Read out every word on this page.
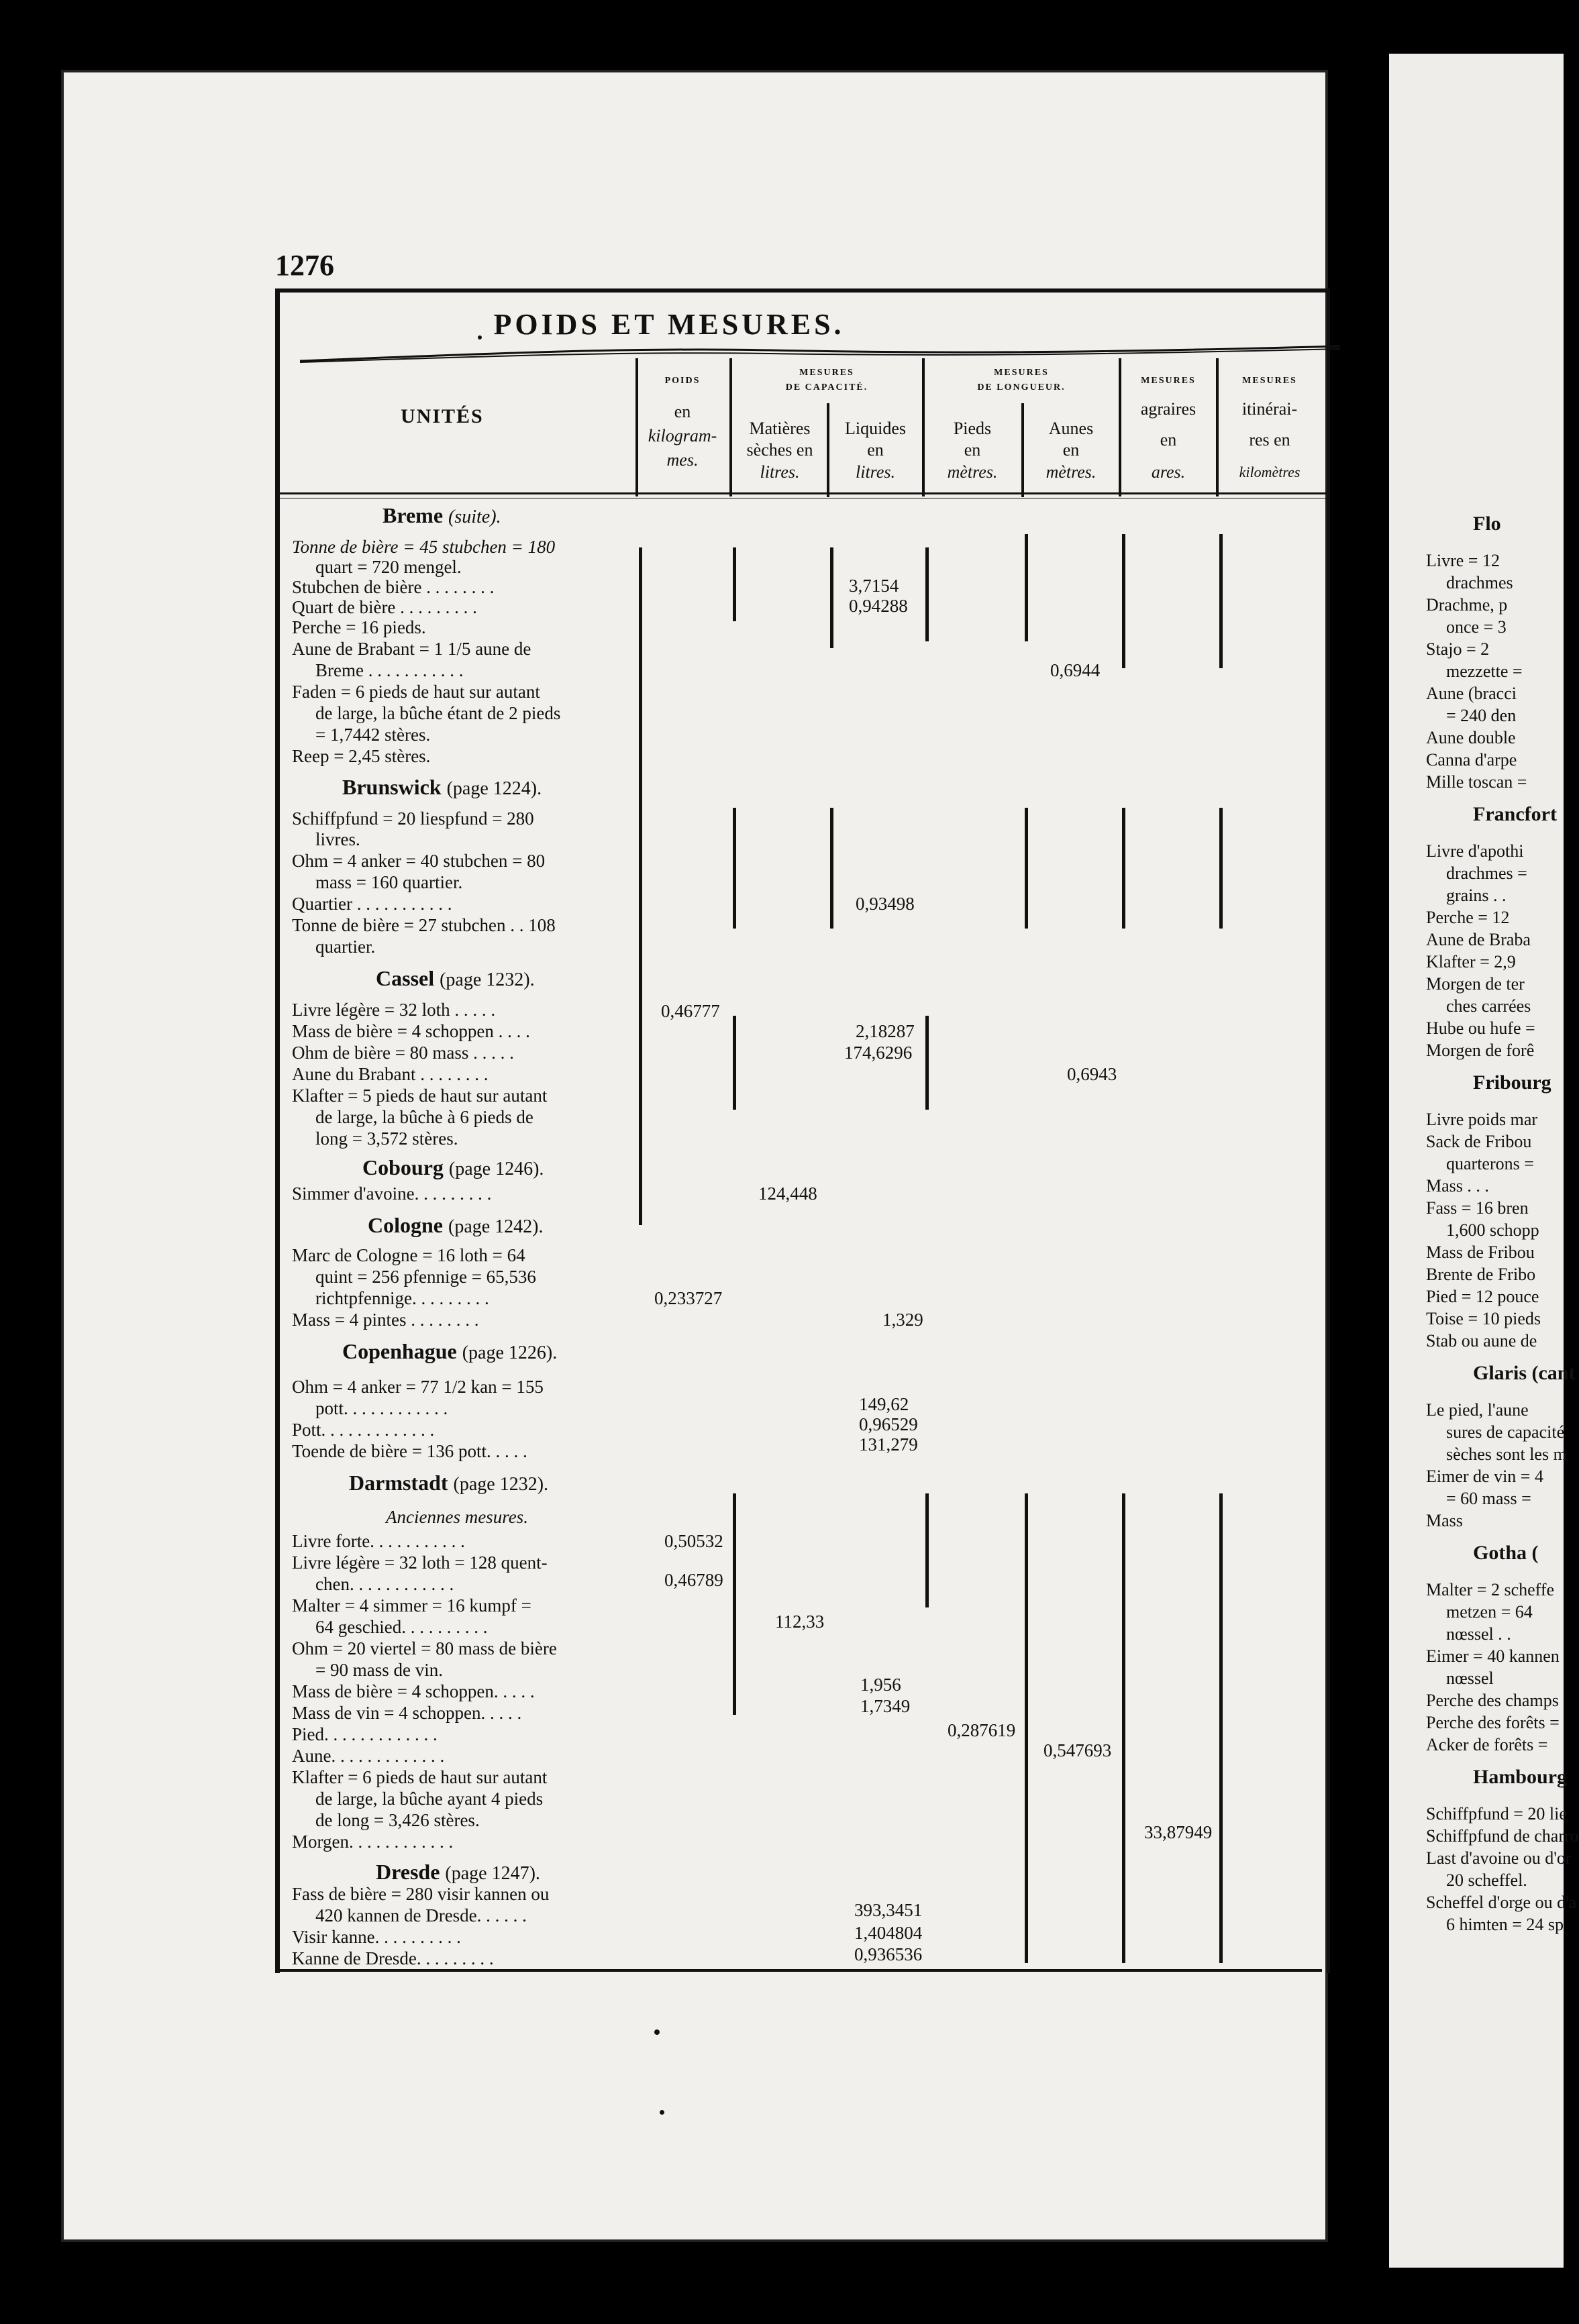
1276
POIDS ET MESURES.
UNITÉS
POIDS
en
kilogram-
mes.
MESURES
DE CAPACITÉ.
Matières
sèches en
litres.
Liquides
en
litres.
MESURES
DE LONGUEUR.
Pieds
en
mètres.
Aunes
en
mètres.
MESURES
agraires
en
ares.
MESURES
itinérai-
res en
kilomètres
Breme (suite).
Tonne de bière = 45 stubchen = 180
quart = 720 mengel.
Stubchen de bière . . . . . . . .
Quart de bière . . . . . . . . .
Perche = 16 pieds.
Aune de Brabant = 1 1/5 aune de
Breme . . . . . . . . . . .
Faden = 6 pieds de haut sur autant
de large, la bûche étant de 2 pieds
= 1,7442 stères.
Reep = 2,45 stères.
Brunswick (page 1224).
Schiffpfund = 20 liespfund = 280
livres.
Ohm = 4 anker = 40 stubchen = 80
mass = 160 quartier.
Quartier . . . . . . . . . . .
Tonne de bière = 27 stubchen . . 108
quartier.
Cassel (page 1232).
Livre légère = 32 loth . . . . .
Mass de bière = 4 schoppen . . . .
Ohm de bière = 80 mass . . . . .
Aune du Brabant . . . . . . . .
Klafter = 5 pieds de haut sur autant
de large, la bûche à 6 pieds de
long = 3,572 stères.
Cobourg (page 1246).
Simmer d'avoine. . . . . . . . .
Cologne (page 1242).
Marc de Cologne = 16 loth = 64
quint = 256 pfennige = 65,536
richtpfennige. . . . . . . . .
Mass = 4 pintes . . . . . . . .
Copenhague (page 1226).
Ohm = 4 anker = 77 1/2 kan = 155
pott. . . . . . . . . . . .
Pott. . . . . . . . . . . . .
Toende de bière = 136 pott. . . . .
Darmstadt (page 1232).
Anciennes mesures.
Livre forte. . . . . . . . . . .
Livre légère = 32 loth = 128 quent-
chen. . . . . . . . . . . .
Malter = 4 simmer = 16 kumpf =
64 geschied. . . . . . . . . .
Ohm = 20 viertel = 80 mass de bière
= 90 mass de vin.
Mass de bière = 4 schoppen. . . . .
Mass de vin = 4 schoppen. . . . .
Pied. . . . . . . . . . . . .
Aune. . . . . . . . . . . . .
Klafter = 6 pieds de haut sur autant
de large, la bûche ayant 4 pieds
de long = 3,426 stères.
Morgen. . . . . . . . . . . .
Dresde (page 1247).
Fass de bière = 280 visir kannen ou
420 kannen de Dresde. . . . . .
Visir kanne. . . . . . . . . .
Kanne de Dresde. . . . . . . . .
3,7154
0,94288
0,6944
0,93498
0,46777
2,18287
174,6296
0,6943
124,448
0,233727
1,329
149,62
0,96529
131,279
0,50532
0,46789
112,33
1,956
1,7349
0,287619
0,547693
33,87949
393,3451
1,404804
0,936536
Flo
Livre = 12
drachmes
Drachme, p
once = 3
Stajo = 2
mezzette =
Aune (bracci
= 240 den
Aune double
Canna d'arpe
Mille toscan =
Francfort
Livre d'apothi
drachmes =
grains . .
Perche = 12
Aune de Braba
Klafter = 2,9
Morgen de ter
ches carrées
Hube ou hufe =
Morgen de forê
Fribourg
Livre poids mar
Sack de Fribou
quarterons =
Mass . . .
Fass = 16 bren
1,600 schopp
Mass de Fribou
Brente de Fribo
Pied = 12 pouce
Toise = 10 pieds
Stab ou aune de
Glaris (cant
Le pied, l'aune
sures de capacité
sèches sont les m
Eimer de vin = 4
= 60 mass =
Mass
Gotha (
Malter = 2 scheffe
metzen = 64
nœssel . .
Eimer = 40 kannen
nœssel
Perche des champs
Perche des forêts =
Acker de forêts =
Hambourg
Schiffpfund = 20 lie
Schiffpfund de charro
Last d'avoine ou d'or
20 scheffel.
Scheffel d'orge ou d'a
6 himten = 24 sp
